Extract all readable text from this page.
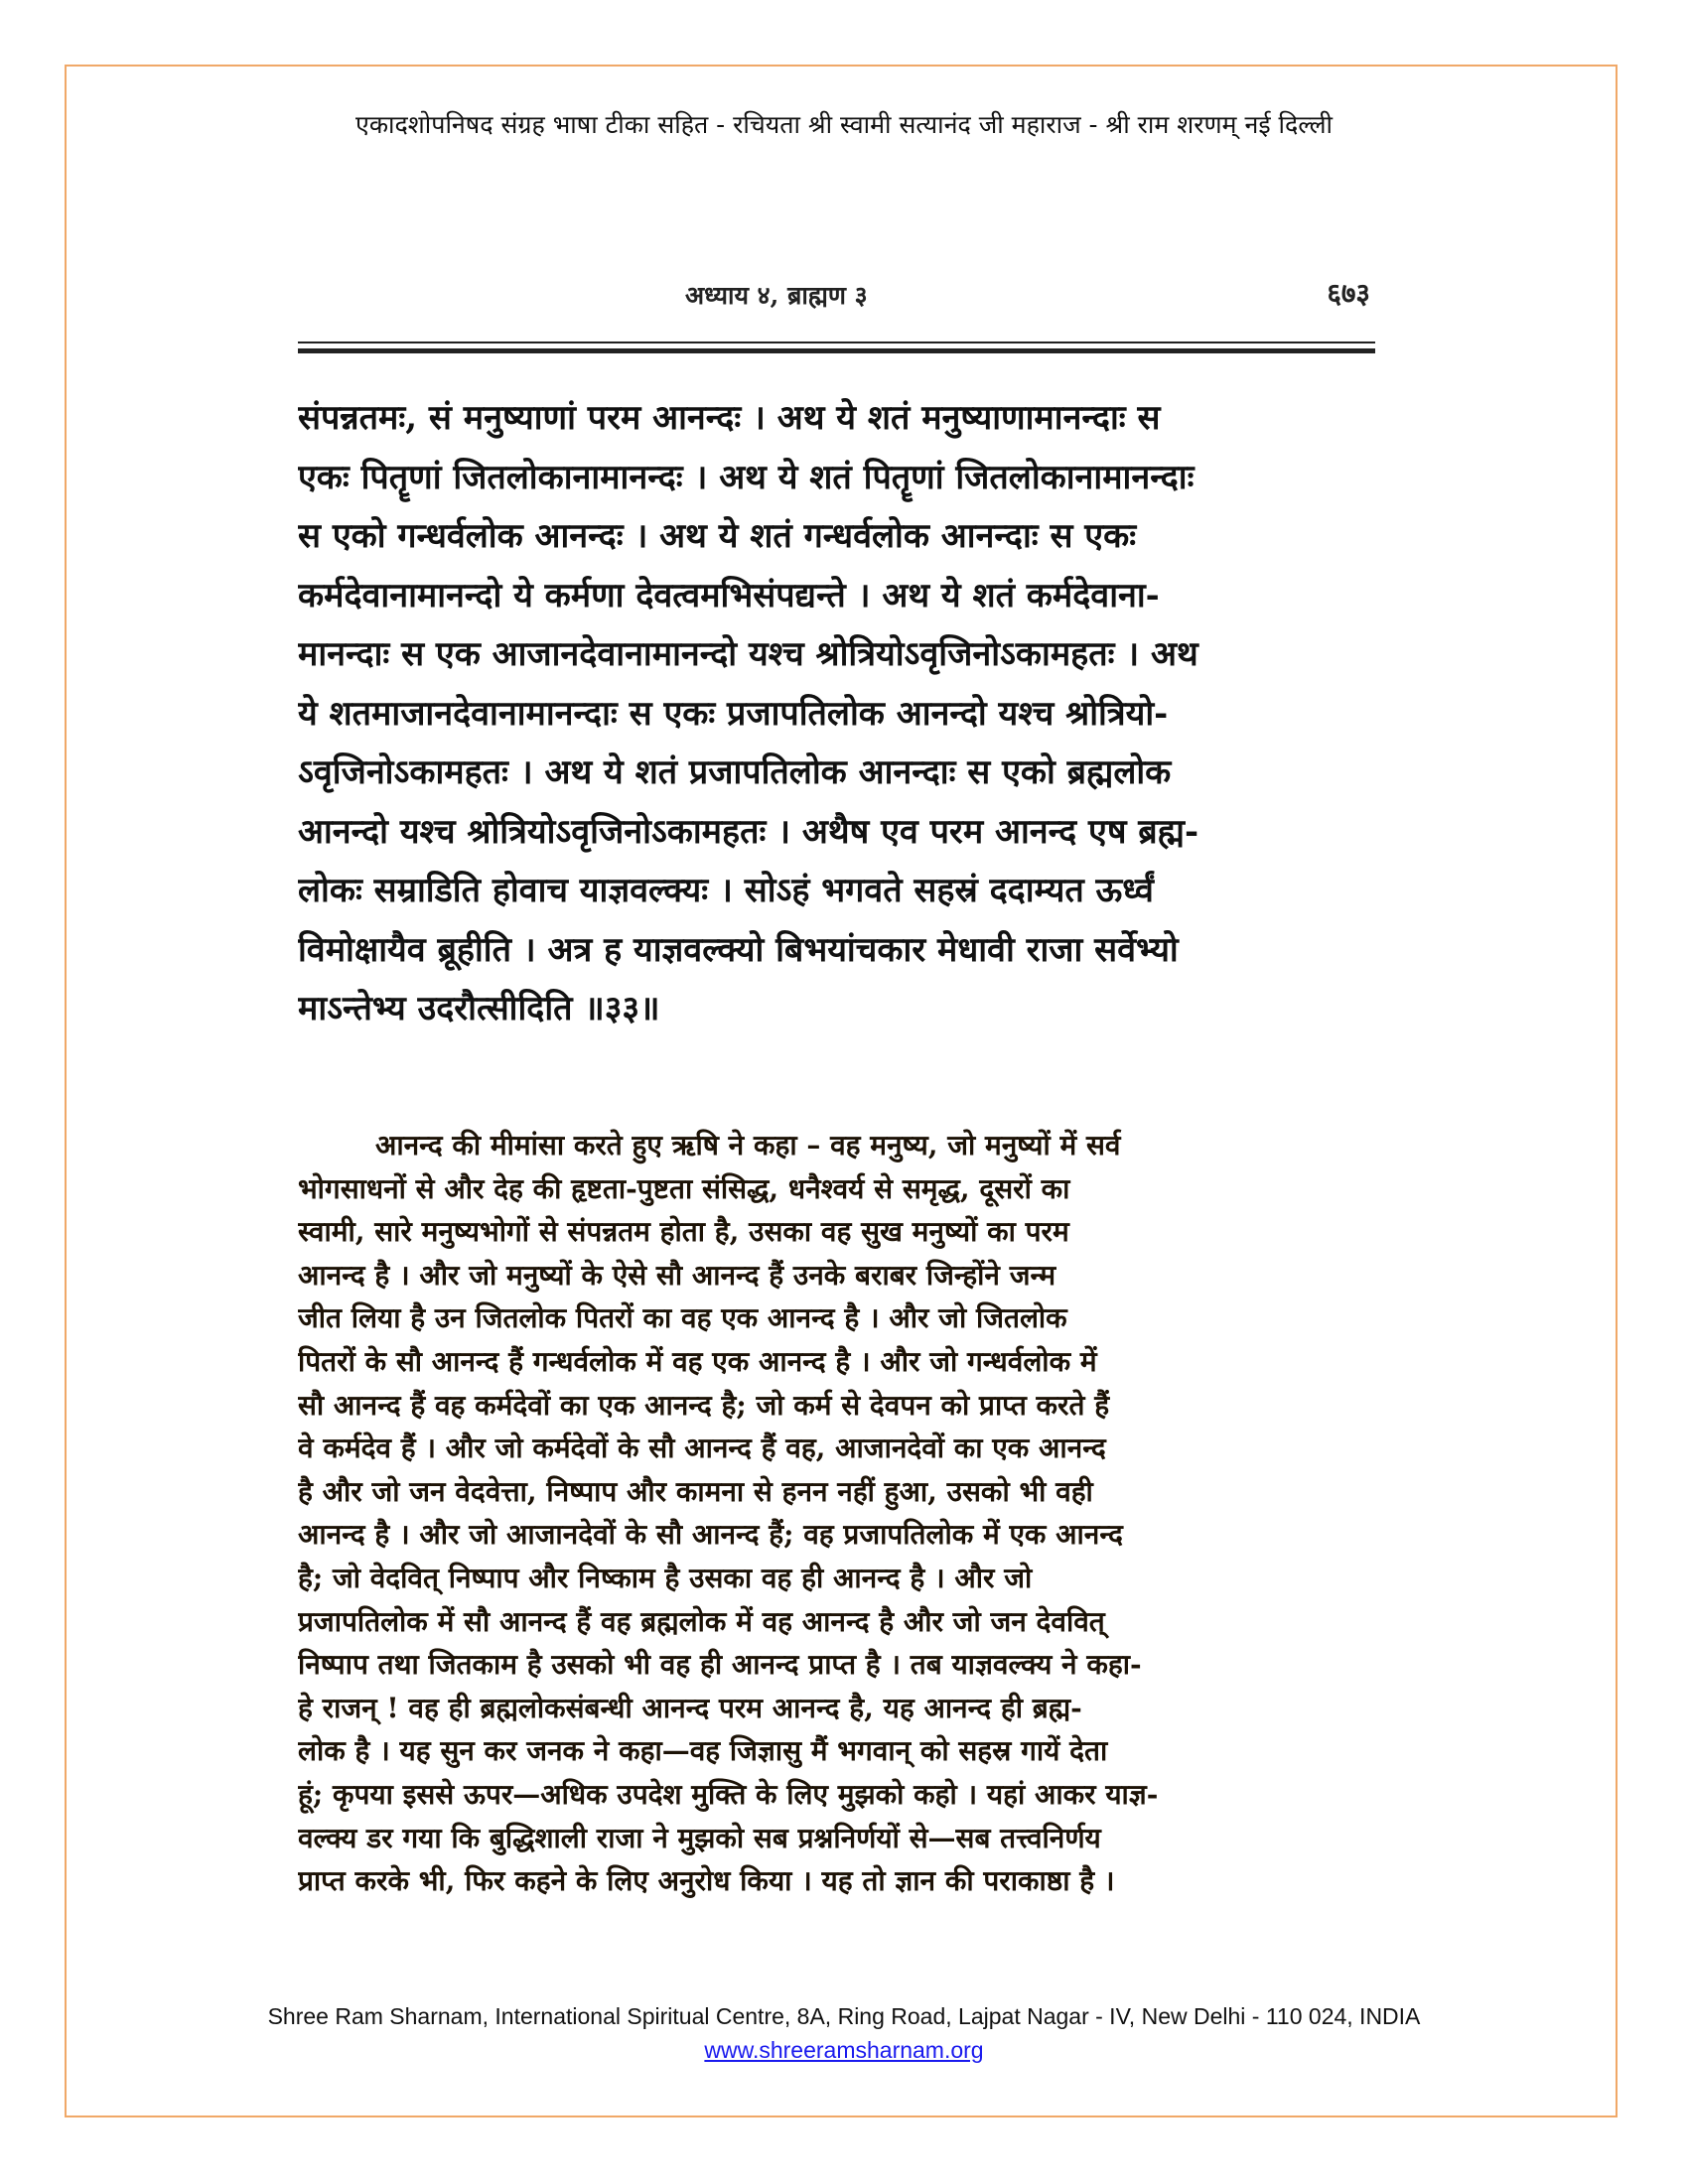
एकादशोपनिषद संग्रह भाषा टीका सहित - रचियता श्री स्वामी सत्यानंद जी महाराज - श्री राम शरणम् नई दिल्ली
अध्याय ४, ब्राह्मण ३	६७३
संपन्नतमः, सं मनुष्याणां परम आनन्दः । अथ ये शतं मनुष्याणामानन्दाः स
एकः पितॄणां जितलोकानामानन्दः । अथ ये शतं पितॄणां जितलोकानामानन्दाः
स एको गन्धर्वलोक आनन्दः । अथ ये शतं गन्धर्वलोक आनन्दाः स एकः
कर्मदेवानामानन्दो ये कर्मणा देवत्वमभिसंपद्यन्ते । अथ ये शतं कर्मदेवाना-
मानन्दाः स एक आजानदेवानामानन्दो यश्च श्रोत्रियोऽवृजिनोऽकामहतः । अथ
ये शतमाजानदेवानामानन्दाः स एकः प्रजापतिलोक आनन्दो यश्च श्रोत्रियो-
ऽवृजिनोऽकामहतः । अथ ये शतं प्रजापतिलोक आनन्दाः स एको ब्रह्मलोक
आनन्दो यश्च श्रोत्रियोऽवृजिनोऽकामहतः । अथैष एव परम आनन्द एष ब्रह्म-
लोकः सम्राडिति होवाच याज्ञवल्क्यः । सोऽहं भगवते सहस्रं ददाम्यत ऊर्ध्वं
विमोक्षायैव ब्रूहीति । अत्र ह याज्ञवल्क्यो बिभयांचकार मेधावी राजा सर्वेभ्यो
माऽन्तेभ्य उदरौत्सीदिति ॥३३॥
आनन्द की मीमांसा करते हुए ऋषि ने कहा – वह मनुष्य, जो मनुष्यों में सर्व
भोगसाधनों से और देह की हृष्टता-पुष्टता संसिद्ध, धनैश्वर्य से समृद्ध, दूसरों का
स्वामी, सारे मनुष्यभोगों से संपन्नतम होता है, उसका वह सुख मनुष्यों का परम
आनन्द है । और जो मनुष्यों के ऐसे सौ आनन्द हैं उनके बराबर जिन्होंने जन्म
जीत लिया है उन जितलोक पितरों का वह एक आनन्द है । और जो जितलोक
पितरों के सौ आनन्द हैं गन्धर्वलोक में वह एक आनन्द है । और जो गन्धर्वलोक में
सौ आनन्द हैं वह कर्मदेवों का एक आनन्द है; जो कर्म से देवपन को प्राप्त करते हैं
वे कर्मदेव हैं । और जो कर्मदेवों के सौ आनन्द हैं वह, आजानदेवों का एक आनन्द
है और जो जन वेदवेत्ता, निष्पाप और कामना से हनन नहीं हुआ, उसको भी वही
आनन्द है । और जो आजानदेवों के सौ आनन्द हैं; वह प्रजापतिलोक में एक आनन्द
है; जो वेदवित् निष्पाप और निष्काम है उसका वह ही आनन्द है । और जो
प्रजापतिलोक में सौ आनन्द हैं वह ब्रह्मलोक में वह आनन्द है और जो जन देववित्
निष्पाप तथा जितकाम है उसको भी वह ही आनन्द प्राप्त है । तब याज्ञवल्क्य ने कहा-
हे राजन् ! वह ही ब्रह्मलोकसंबन्धी आनन्द परम आनन्द है, यह आनन्द ही ब्रह्म-
लोक है । यह सुन कर जनक ने कहा—वह जिज्ञासु मैं भगवान् को सहस्र गायें देता
हूं; कृपया इससे ऊपर—अधिक उपदेश मुक्ति के लिए मुझको कहो । यहां आकर याज्ञ-
वल्क्य डर गया कि बुद्धिशाली राजा ने मुझको सब प्रश्ननिर्णयों से—सब तत्त्वनिर्णय
प्राप्त करके भी, फिर कहने के लिए अनुरोध किया । यह तो ज्ञान की पराकाष्ठा है ।
Shree Ram Sharnam, International Spiritual Centre, 8A, Ring Road, Lajpat Nagar - IV, New Delhi - 110 024, INDIA
www.shreeramsharnam.org
